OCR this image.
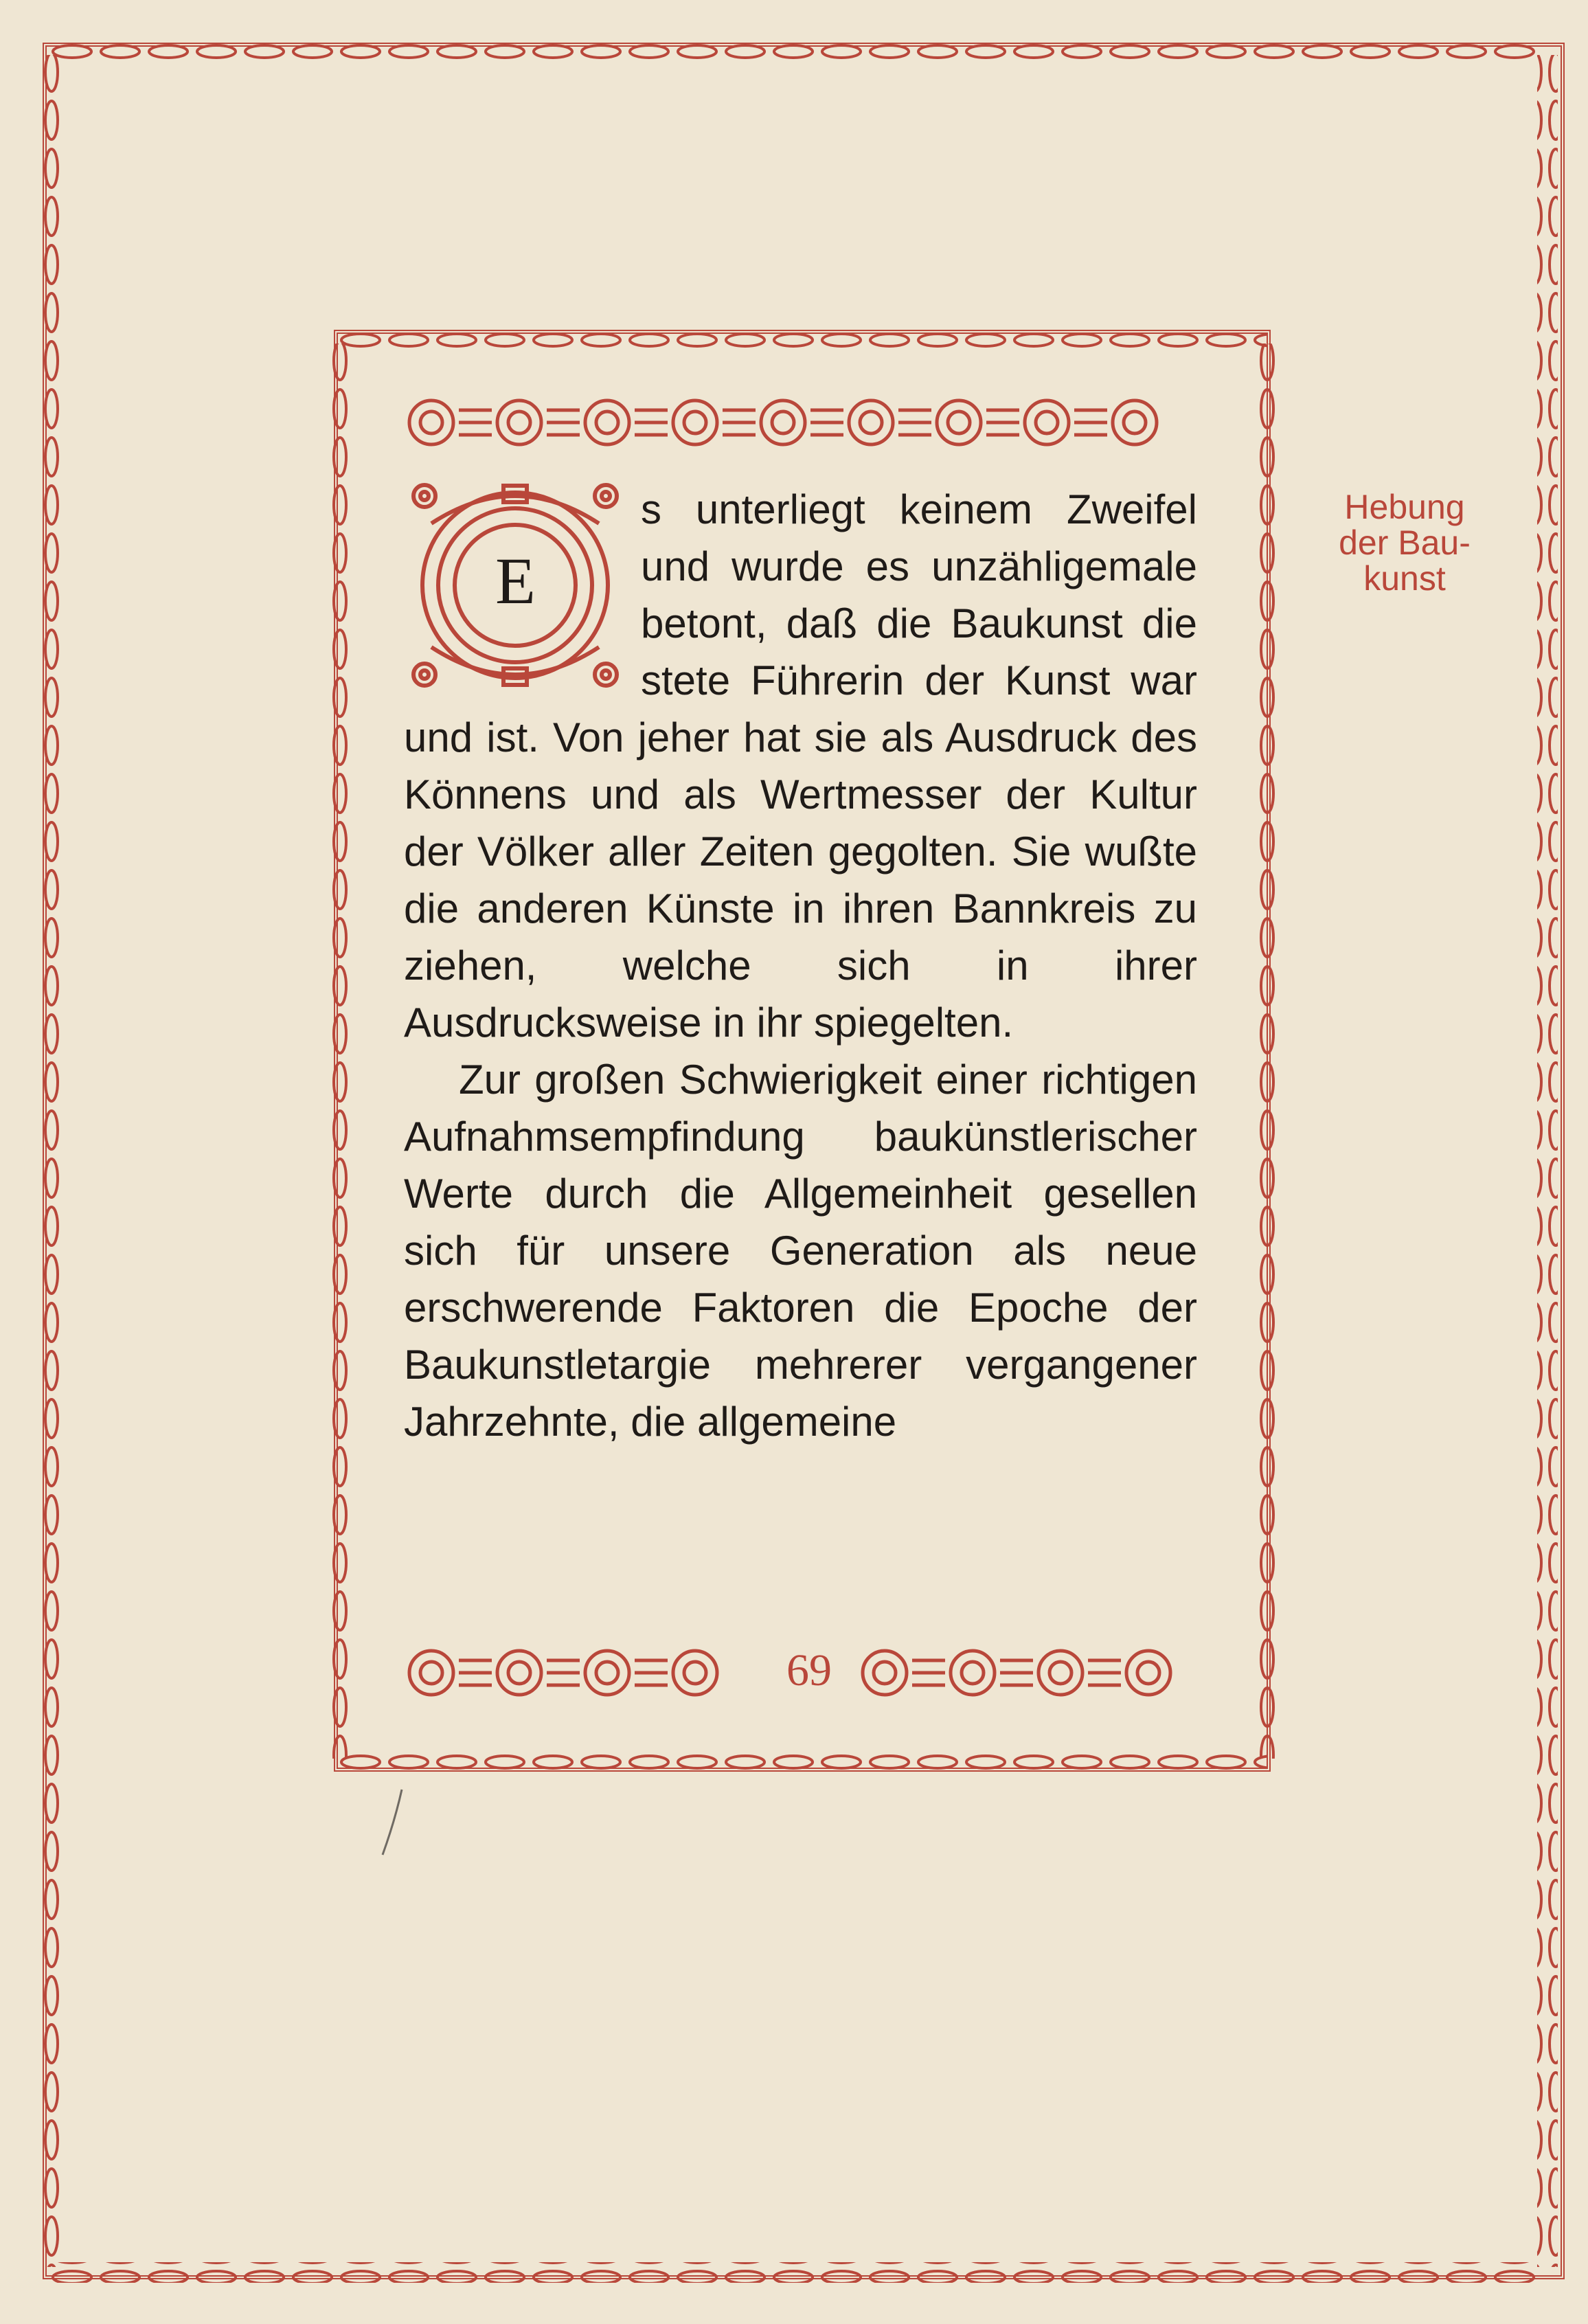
E

s unterliegt keinem Zweifel und wurde es unzähligemale betont, daß die Baukunst die stete Führerin der Kunst war und ist. Von jeher hat sie als Ausdruck des Könnens und als Wertmesser der Kultur der Völker aller Zeiten gegolten. Sie wußte die anderen Künste in ihren Bannkreis zu ziehen, welche sich in ihrer Ausdrucksweise in ihr spiegelten.

Zur großen Schwierigkeit einer richtigen Aufnahmsempfindung baukünstlerischer Werte durch die Allgemeinheit gesellen sich für unsere Generation als neue erschwerende Faktoren die Epoche der Baukunstletargie mehrerer vergangener Jahrzehnte, die allgemeine

69
Hebung
der Bau-
kunst
